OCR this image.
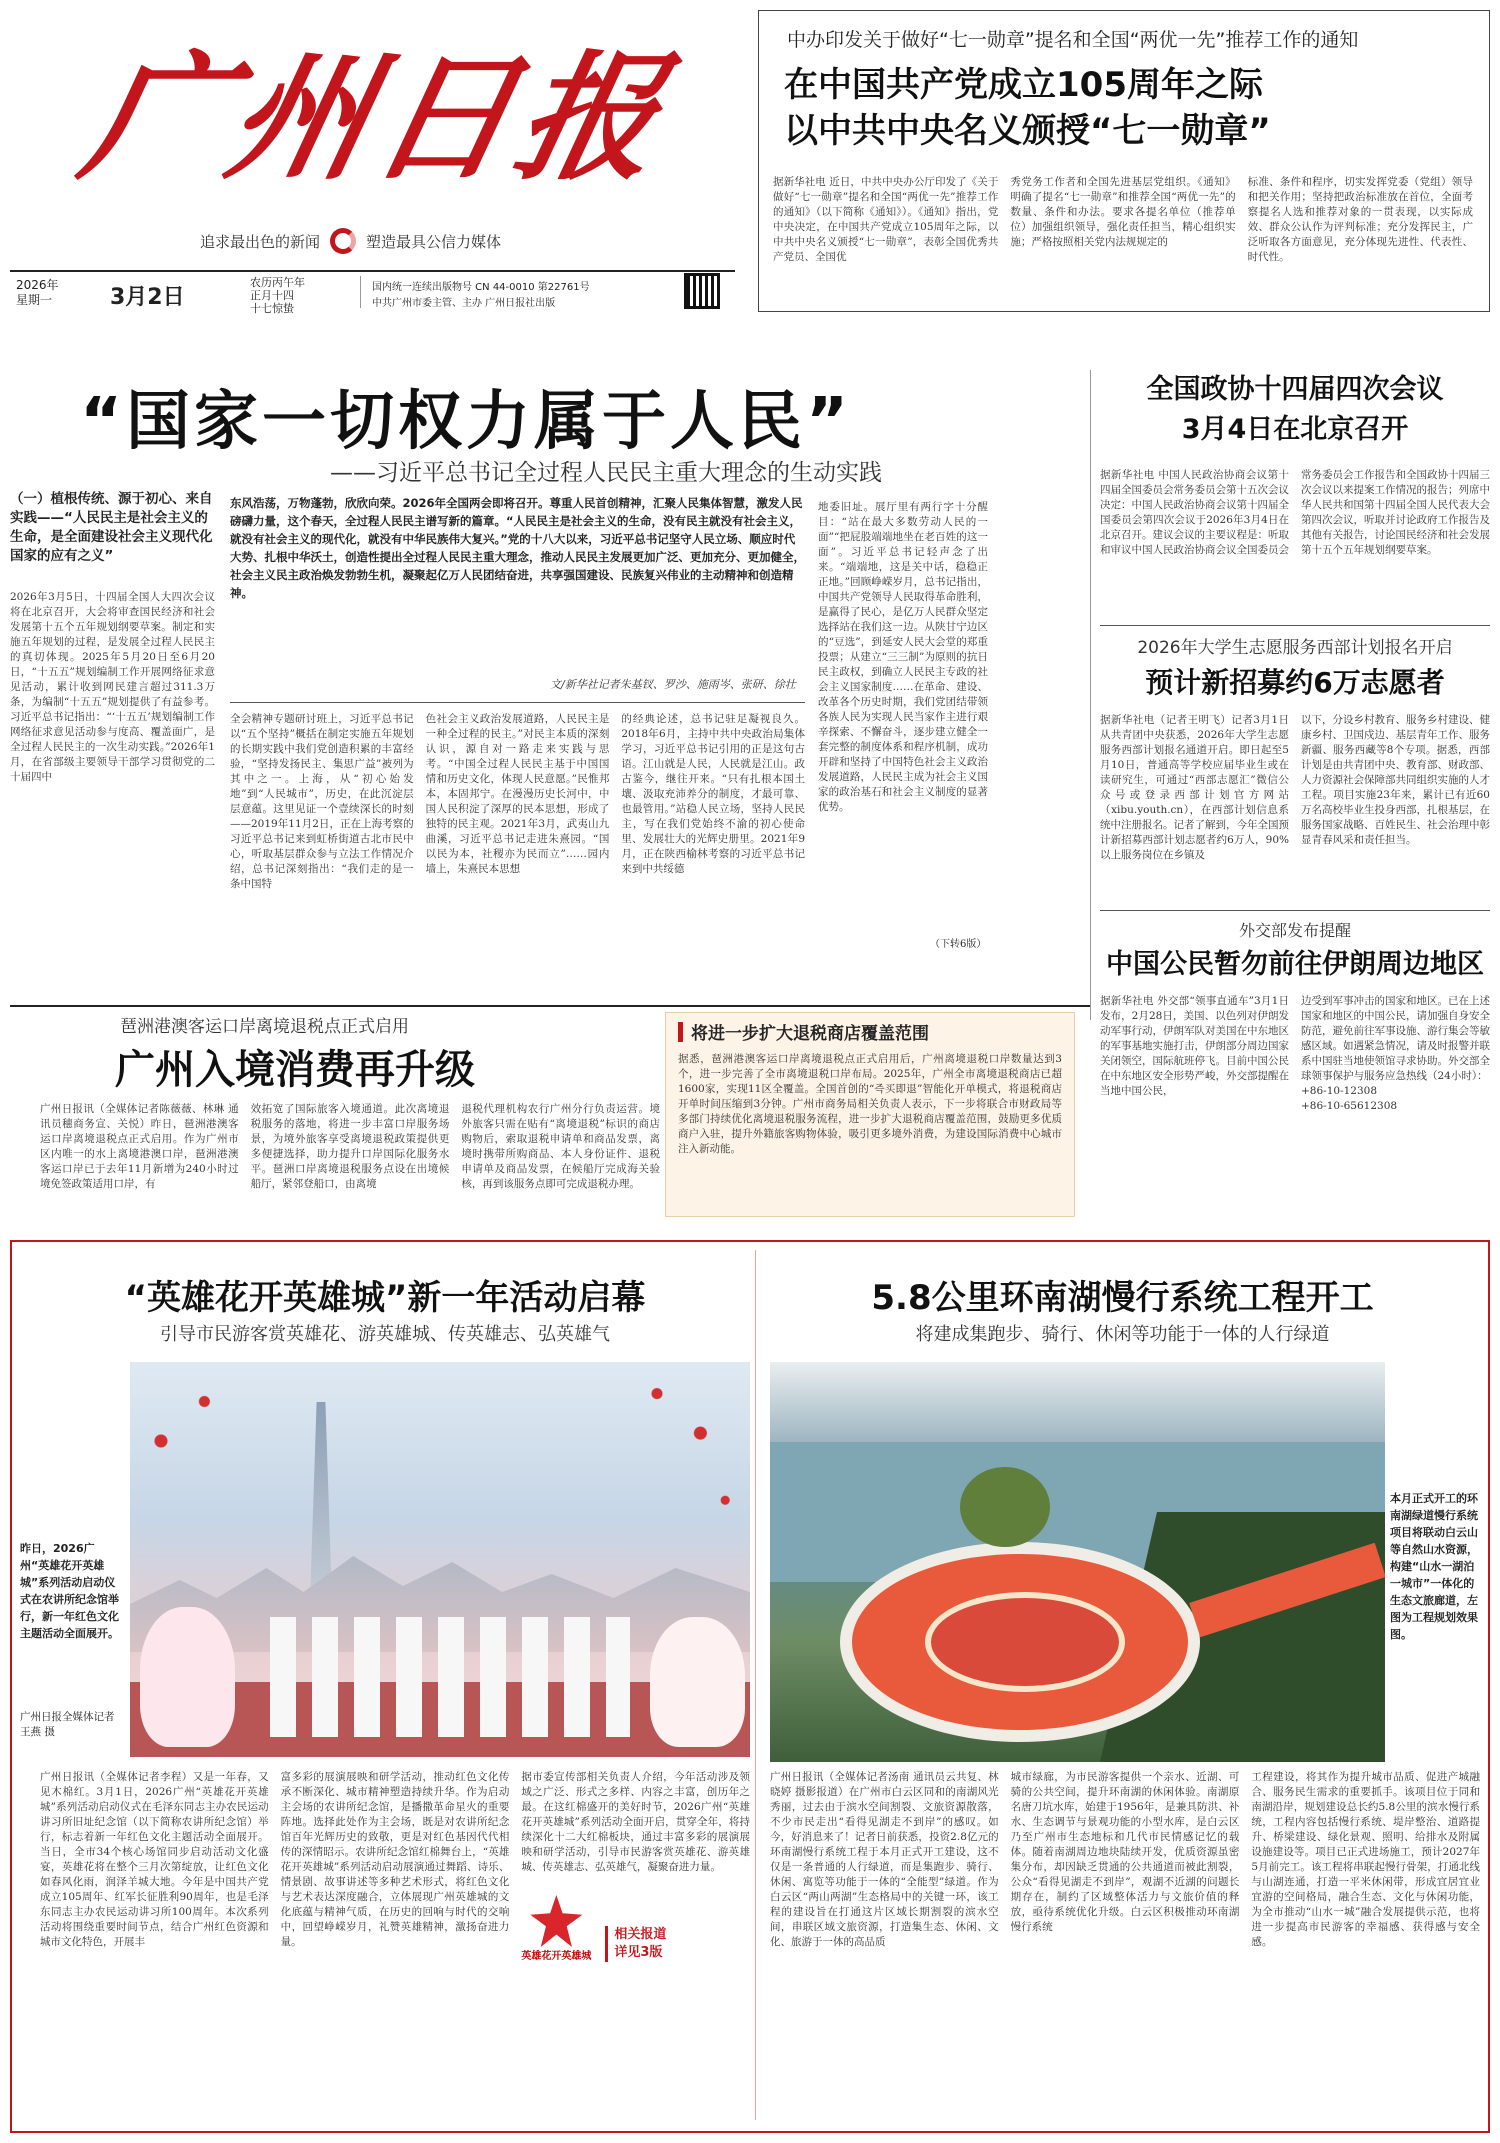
广州日报
追求最出色的新闻	塑造最具公信力媒体
2026年
星期一	3月2日
农历丙午年
正月十四
十七惊蛰
国内统一连续出版物号 CN 44-0010 第22761号
中共广州市委主管、主办 广州日报社出版
中办印发关于做好“七一勋章”提名和全国“两优一先”推荐工作的通知
在中国共产党成立105周年之际
以中共中央名义颁授“七一勋章”
据新华社电 近日，中共中央办公厅印发了《关于做好“七一勋章”提名和全国“两优一先”推荐工作的通知》（以下简称《通知》）。《通知》指出，党中央决定，在中国共产党成立105周年之际，以中共中央名义颁授“七一勋章”，表彰全国优秀共产党员、全国优
秀党务工作者和全国先进基层党组织。《通知》明确了提名“七一勋章”和推荐全国“两优一先”的数量、条件和办法。要求各提名单位（推荐单位）加强组织领导，强化责任担当，精心组织实施；严格按照相关党内法规规定的
标准、条件和程序，切实发挥党委（党组）领导和把关作用；坚持把政治标准放在首位，全面考察提名人选和推荐对象的一贯表现，以实际成效、群众公认作为评判标准；充分发挥民主，广泛听取各方面意见，充分体现先进性、代表性、时代性。
“国家一切权力属于人民”
——习近平总书记全过程人民民主重大理念的生动实践
（一）植根传统、源于初心、来自实践——“人民民主是社会主义的生命，是全面建设社会主义现代化国家的应有之义”
2026年3月5日，十四届全国人大四次会议将在北京召开，大会将审查国民经济和社会发展第十五个五年规划纲要草案。制定和实施五年规划的过程，是发展全过程人民民主的真切体现。2025年5月20日至6月20日，“十五五”规划编制工作开展网络征求意见活动，累计收到网民建言超过311.3万条，为编制“十五五”规划提供了有益参考。习近平总书记指出：“‘十五五’规划编制工作网络征求意见活动参与度高、覆盖面广，是全过程人民民主的一次生动实践。”2026年1月，在省部级主要领导干部学习贯彻党的二十届四中
东风浩荡，万物蓬勃，欣欣向荣。2026年全国两会即将召开。尊重人民首创精神，汇聚人民集体智慧，激发人民磅礴力量，这个春天，全过程人民民主谱写新的篇章。“人民民主是社会主义的生命，没有民主就没有社会主义，就没有社会主义的现代化，就没有中华民族伟大复兴。”党的十八大以来，习近平总书记坚守人民立场、顺应时代大势、扎根中华沃土，创造性提出全过程人民民主重大理念，推动人民民主发展更加广泛、更加充分、更加健全，社会主义民主政治焕发勃勃生机，凝聚起亿万人民团结奋进，共享强国建设、民族复兴伟业的主动精神和创造精神。
文/新华社记者朱基钗、罗沙、施雨岑、张研、徐壮
全会精神专题研讨班上，习近平总书记以“五个坚持”概括在制定实施五年规划的长期实践中我们党创造积累的丰富经验，“坚持发扬民主、集思广益”被列为其中之一。上海，从“初心始发地”到“人民城市”，历史，在此沉淀层层意蕴。这里见证一个壹续深长的时刻——2019年11月2日，正在上海考察的习近平总书记来到虹桥街道古北市民中心，听取基层群众参与立法工作情况介绍，总书记深刻指出：“我们走的是一条中国特
色社会主义政治发展道路，人民民主是一种全过程的民主。”对民主本质的深刻认识，源自对一路走来实践与思考。“中国全过程人民民主基于中国国情和历史文化，体现人民意愿。”民惟邦本，本固邦宁。在漫漫历史长河中，中国人民积淀了深厚的民本思想，形成了独特的民主观。2021年3月，武夷山九曲溪，习近平总书记走进朱熹园。“国以民为本，社稷亦为民而立”……园内墙上，朱熹民本思想
的经典论述，总书记驻足凝视良久。2018年6月，主持中共中央政治局集体学习，习近平总书记引用的正是这句古语。江山就是人民，人民就是江山。政古鉴今，继往开来。“只有扎根本国土壤、汲取充沛养分的制度，才最可靠、也最管用。”站稳人民立场，坚持人民民主，写在我们党始终不渝的初心使命里、发展壮大的光辉史册里。2021年9月，正在陕西榆林考察的习近平总书记来到中共绥德
地委旧址。展厅里有两行字十分醒目：“站在最大多数劳动人民的一面”“把屁股端端地坐在老百姓的这一面”。习近平总书记轻声念了出来。“端端地，这是关中话，稳稳正正地。”回顾峥嵘岁月，总书记指出，中国共产党领导人民取得革命胜利，是赢得了民心，是亿万人民群众坚定选择站在我们这一边。从陕甘宁边区的“豆选”，到延安人民大会堂的郑重投票；从建立“三三制”为原则的抗日民主政权，到确立人民民主专政的社会主义国家制度……在革命、建设、改革各个历史时期，我们党团结带领各族人民为实现人民当家作主进行艰辛探索、不懈奋斗，逐步建立健全一套完整的制度体系和程序机制，成功开辟和坚持了中国特色社会主义政治发展道路，人民民主成为社会主义国家的政治基石和社会主义制度的显著优势。
（下转6版）
全国政协十四届四次会议
3月4日在北京召开
据新华社电 中国人民政治协商会议第十四届全国委员会常务委员会第十五次会议决定：中国人民政治协商会议第十四届全国委员会第四次会议于2026年3月4日在北京召开。建议会议的主要议程是：听取和审议中国人民政治协商会议全国委员会
常务委员会工作报告和全国政协十四届三次会议以来提案工作情况的报告；列席中华人民共和国第十四届全国人民代表大会第四次会议，听取并讨论政府工作报告及其他有关报告，讨论国民经济和社会发展第十五个五年规划纲要草案。
2026年大学生志愿服务西部计划报名开启
预计新招募约6万志愿者
据新华社电（记者王明飞）记者3月1日从共青团中央获悉，2026年大学生志愿服务西部计划报名通道开启。即日起至5月10日，普通高等学校应届毕业生或在读研究生，可通过“西部志愿汇”微信公众号或登录西部计划官方网站（xibu.youth.cn），在西部计划信息系统中注册报名。记者了解到，今年全国预计新招募西部计划志愿者约6万人，90%以上服务岗位在乡镇及
以下，分设乡村教育、服务乡村建设、健康乡村、卫国戍边、基层青年工作、服务新疆、服务西藏等8个专项。据悉，西部计划是由共青团中央、教育部、财政部、人力资源社会保障部共同组织实施的人才工程。项目实施23年来，累计已有近60万名高校毕业生投身西部，扎根基层，在服务国家战略、百姓民生、社会治理中彰显青春风采和责任担当。
外交部发布提醒
中国公民暂勿前往伊朗周边地区
据新华社电 外交部“领事直通车”3月1日发布，2月28日，美国、以色列对伊朗发动军事行动，伊朗军队对美国在中东地区的军事基地实施打击，伊朗部分周边国家关闭领空，国际航班停飞。目前中国公民在中东地区安全形势严峻，外交部提醒在当地中国公民，
边受到军事冲击的国家和地区。已在上述国家和地区的中国公民，请加强自身安全防范，避免前往军事设施、游行集会等敏感区域。如遇紧急情况，请及时报警并联系中国驻当地使领馆寻求协助。外交部全球领事保护与服务应急热线（24小时）：
+86-10-12308
+86-10-65612308
琶洲港澳客运口岸离境退税点正式启用
广州入境消费再升级
广州日报讯（全媒体记者陈薇薇、林琳 通讯员穗商务宣、关悦）昨日，琶洲港澳客运口岸离境退税点正式启用。作为广州市区内唯一的水上离境港澳口岸，琶洲港澳客运口岸已于去年11月新增为240小时过境免签政策适用口岸，有
效拓宽了国际旅客入境通道。此次离境退税服务的落地，将进一步丰富口岸服务场景，为境外旅客享受离境退税政策提供更多便捷选择，助力提升口岸国际化服务水平。琶洲口岸离境退税服务点设在出境候船厅，紧邻登船口，由离境
退税代理机构农行广州分行负责运营。境外旅客只需在贴有“离境退税”标识的商店购物后，索取退税申请单和商品发票，离境时携带所购商品、本人身份证件、退税申请单及商品发票，在候船厅完成海关验核，再到该服务点即可完成退税办理。
将进一步扩大退税商店覆盖范围
据悉，琶洲港澳客运口岸离境退税点正式启用后，广州离境退税口岸数量达到3个，进一步完善了全市离境退税口岸布局。2025年，广州全市离境退税商店已超1600家，实现11区全覆盖。全国首创的“즉买即退”智能化开单模式，将退税商店开单时间压缩到3分钟。广州市商务局相关负责人表示，下一步将联合市财政局等多部门持续优化离境退税服务流程，进一步扩大退税商店覆盖范围，鼓励更多优质商户入驻，提升外籍旅客购物体验，吸引更多境外消费，为建设国际消费中心城市注入新动能。
“英雄花开英雄城”新一年活动启幕
引导市民游客赏英雄花、游英雄城、传英雄志、弘英雄气
昨日，2026广州“英雄花开英雄城”系列活动启动仪式在农讲所纪念馆举行，新一年红色文化主题活动全面展开。
广州日报全媒体记者王燕 摄
广州日报讯（全媒体记者李程）又是一年春，又见木棉红。3月1日，2026广州“英雄花开英雄城”系列活动启动仪式在毛泽东同志主办农民运动讲习所旧址纪念馆（以下简称农讲所纪念馆）举行，标志着新一年红色文化主题活动全面展开。当日，全市34个核心场馆同步启动活动文化盛宴，英雄花将在整个三月次第绽放，让红色文化如春风化雨，润泽羊城大地。今年是中国共产党成立105周年、红军长征胜利90周年，也是毛泽东同志主办农民运动讲习所100周年。本次系列活动将围绕重要时间节点，结合广州红色资源和城市文化特色，开展丰
富多彩的展演展映和研学活动，推动红色文化传承不断深化、城市精神塑造持续升华。作为启动主会场的农讲所纪念馆，是播撒革命星火的重要阵地。选择此处作为主会场，既是对农讲所纪念馆百年光辉历史的致敬，更是对红色基因代代相传的深情昭示。农讲所纪念馆红棉舞台上，“英雄花开英雄城”系列活动启动展演通过舞蹈、诗乐、情景剧、故事讲述等多种艺术形式，将红色文化与艺术表达深度融合，立体展现广州英雄城的文化底蕴与精神气质，在历史的回响与时代的交响中，回望峥嵘岁月，礼赞英雄精神，激扬奋进力量。
据市委宣传部相关负责人介绍，今年活动涉及领域之广泛、形式之多样、内容之丰富，创历年之最。在这红棉盛开的美好时节，2026广州“英雄花开英雄城”系列活动全面开启，贯穿全年，将持续深化十二大红棉板块，通过丰富多彩的展演展映和研学活动，引导市民游客赏英雄花、游英雄城、传英雄志、弘英雄气，凝聚奋进力量。
英雄花开英雄城
相关报道
详见3版
5.8公里环南湖慢行系统工程开工
将建成集跑步、骑行、休闲等功能于一体的人行绿道
本月正式开工的环南湖绿道慢行系统项目将联动白云山等自然山水资源，构建“山水一湖泊一城市”一体化的生态文旅廊道，左图为工程规划效果图。
广州日报讯（全媒体记者汤南 通讯员云共复、林晓婷 摄影报道）在广州市白云区同和的南湖风光秀丽，过去由于滨水空间割裂、文旅资源散落，不少市民走出“看得见湖走不到岸”的感叹。如今，好消息来了！记者日前获悉，投资2.8亿元的环南湖慢行系统工程于本月正式开工建设，这不仅是一条普通的人行绿道，而是集跑步、骑行、休闲、寓览等功能于一体的“全能型”绿道。作为白云区“两山两湖”生态格局中的关键一环，该工程的建设旨在打通这片区域长期割裂的滨水空间，串联区域文旅资源，打造集生态、休闲、文化、旅游于一体的高品质
城市绿廊，为市民游客提供一个亲水、近湖、可骑的公共空间，提升环南湖的休闲体验。南湖原名唐刀坑水库，始建于1956年，是兼具防洪、补水、生态调节与景观功能的小型水库，是白云区乃至广州市生态地标和几代市民情感记忆的载体。随着南湖周边地块陆续开发，优质资源虽密集分布，却因缺乏贯通的公共通道而被此割裂，公众“看得见湖走不到岸”，观湖不近湖的问题长期存在，制约了区域整体活力与文旅价值的释放，亟待系统优化升级。白云区积极推动环南湖慢行系统
工程建设，将其作为提升城市品质、促进产城融合、服务民生需求的重要抓手。该项目位于同和南湖沿岸，规划建设总长约5.8公里的滨水慢行系统，工程内容包括慢行系统、堤岸整治、道路提升、桥梁建设、绿化景观、照明、给排水及附属设施建设等。项目已正式进场施工，预计2027年5月前完工。该工程将串联起慢行骨架，打通北线与山湖连通，打造一平米休闲带，形成宜居宜业宜游的空间格局，融合生态、文化与休闲功能，为全市推动“山水一城”融合发展提供示范，也将进一步提高市民游客的幸福感、获得感与安全感。
